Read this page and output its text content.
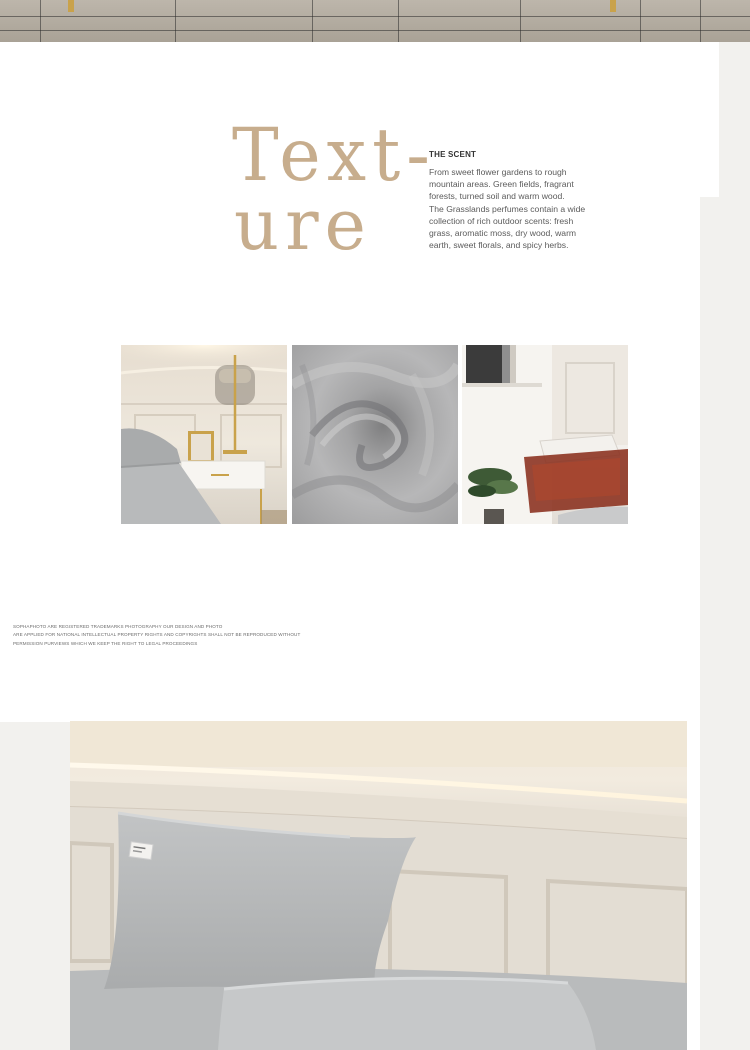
Text-
ure
THE SCENT

From sweet flower gardens to rough
mountain areas. Green fields, fragrant
forests, turned soil and warm wood.
The Grasslands perfumes contain a wide
collection of rich outdoor scents: fresh
grass, aromatic moss, dry wood, warm
earth, sweet florals, and spicy herbs.

SOPHAPHOTO ARE REGISTERED TRADEMARKS PHOTOGRAPHY OUR DESIGN AND PHOTO
ARE APPLIED FOR NATIONAL INTELLECTUAL PROPERTY RIGHTS AND COPYRIGHTS SHALL NOT BE REPRODUCED WITHOUT
PERMISSION PURVIEWS WHICH WE KEEP THE RIGHT TO LEGAL PROCEEDINGS
